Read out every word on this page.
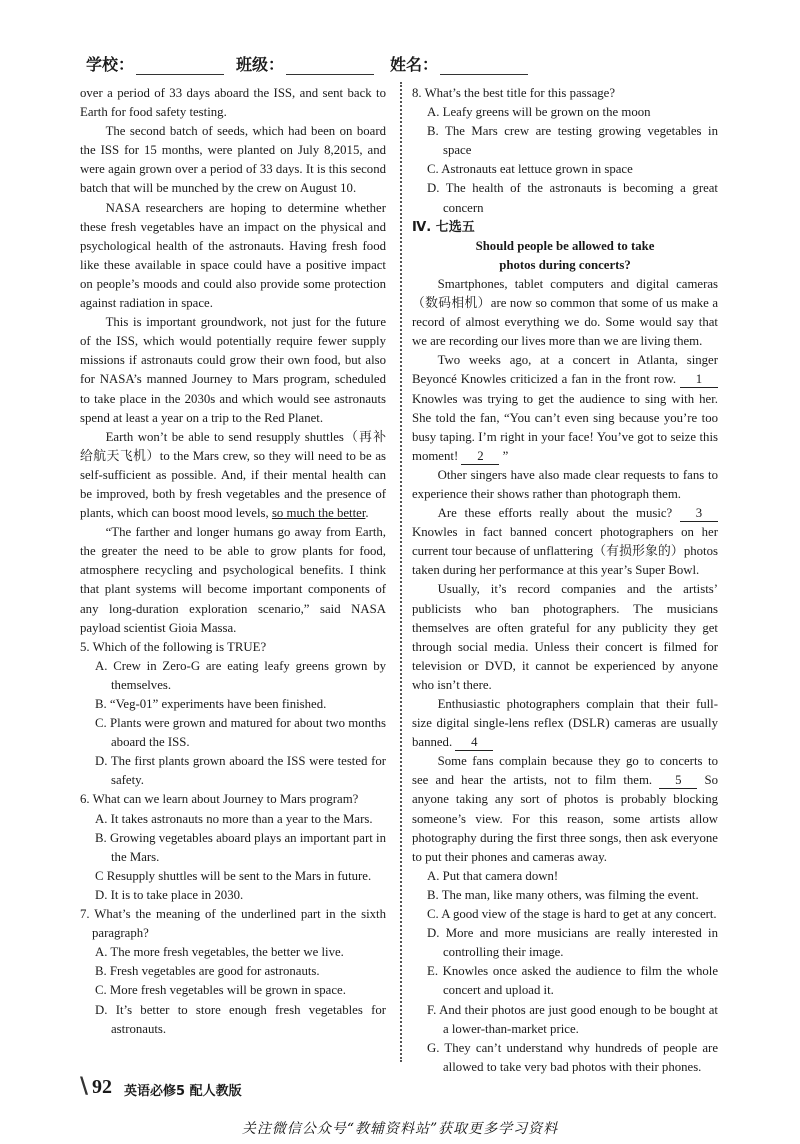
学校：	班级：	姓名：

over a period of 33 days aboard the ISS, and sent back to Earth for food safety testing.

The second batch of seeds, which had been on board the ISS for 15 months, were planted on July 8,2015, and were again grown over a period of 33 days. It is this second batch that will be munched by the crew on August 10.

NASA researchers are hoping to determine whether these fresh vegetables have an impact on the physical and psychological health of the astronauts. Having fresh food like these available in space could have a positive impact on people’s moods and could also provide some protection against radiation in space.

This is important groundwork, not just for the future of the ISS, which would potentially require fewer supply missions if astronauts could grow their own food, but also for NASA’s manned Journey to Mars program, scheduled to take place in the 2030s and which would see astronauts spend at least a year on a trip to the Red Planet.

Earth won’t be able to send resupply shuttles（再补给航天飞机）to the Mars crew, so they will need to be as self-sufficient as possible. And, if their mental health can be improved, both by fresh vegetables and the presence of plants, which can boost mood levels, so much the better.

“The farther and longer humans go away from Earth, the greater the need to be able to grow plants for food, atmosphere recycling and psychological benefits. I think that plant systems will become important components of any long-duration exploration scenario,” said NASA payload scientist Gioia Massa.

5. Which of the following is TRUE?

A. Crew in Zero-G are eating leafy greens grown by themselves.

B. “Veg-01” experiments have been finished.

C. Plants were grown and matured for about two months aboard the ISS.

D. The first plants grown aboard the ISS were tested for safety.

6. What can we learn about Journey to Mars program?

A. It takes astronauts no more than a year to the Mars.

B. Growing vegetables aboard plays an important part in the Mars.

C Resupply shuttles will be sent to the Mars in future.

D. It is to take place in 2030.

7. What’s the meaning of the underlined part in the sixth paragraph?

A. The more fresh vegetables, the better we live.

B. Fresh vegetables are good for astronauts.

C. More fresh vegetables will be grown in space.

D. It’s better to store enough fresh vegetables for astronauts.

8. What’s the best title for this passage?

A. Leafy greens will be grown on the moon

B. The Mars crew are testing growing vegetables in space

C. Astronauts eat lettuce grown in space

D. The health of the astronauts is becoming a great concern

Ⅳ. 七选五

Should people be allowed to take

photos during concerts?

Smartphones, tablet computers and digital cameras（数码相机）are now so common that some of us make a record of almost everything we do. Some would say that we are recording our lives more than we are living them.

Two weeks ago, at a concert in Atlanta, singer Beyoncé Knowles criticized a fan in the front row. 1 Knowles was trying to get the audience to sing with her. She told the fan, “You can’t even sing because you’re too busy taping. I’m right in your face! You’ve got to seize this moment! 2 ”

Other singers have also made clear requests to fans to experience their shows rather than photograph them.

Are these efforts really about the music? 3 Knowles in fact banned concert photographers on her current tour because of unflattering（有损形象的）photos taken during her performance at this year’s Super Bowl.

Usually, it’s record companies and the artists’ publicists who ban photographers. The musicians themselves are often grateful for any publicity they get through social media. Unless their concert is filmed for television or DVD, it cannot be experienced by anyone who isn’t there.

Enthusiastic photographers complain that their full-size digital single-lens reflex (DSLR) cameras are usually banned. 4

Some fans complain because they go to concerts to see and hear the artists, not to film them. 5 So anyone taking any sort of photos is probably blocking someone’s view. For this reason, some artists allow photography during the first three songs, then ask everyone to put their phones and cameras away.

A. Put that camera down!

B. The man, like many others, was filming the event.

C. A good view of the stage is hard to get at any concert.

D. More and more musicians are really interested in controlling their image.

E. Knowles once asked the audience to film the whole concert and upload it.

F. And their photos are just good enough to be bought at a lower-than-market price.

G. They can’t understand why hundreds of people are allowed to take very bad photos with their phones.

\ 92 英语必修5 配人教版
关注微信公众号“教辅资料站”获取更多学习资料
